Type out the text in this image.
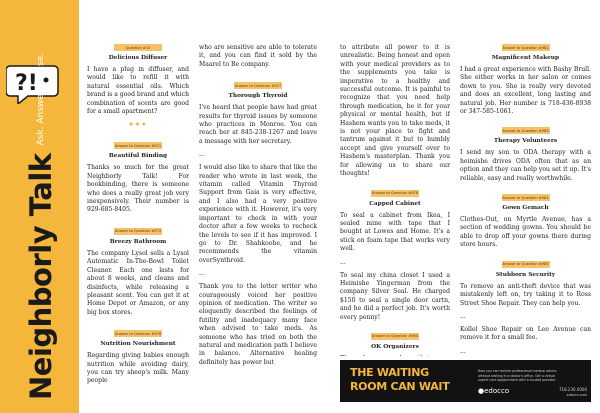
?!
Neighborly Talk
Ask. Answer. Advise.
Question #10
Delicious Diffuser

I have a plug in diffuser, and would like to refill it with natural essential oils. Which brand is a good brand and which combination of scents are good for a small apartment?

★★★
Answer to Question #971
Beautiful Binding

Thanks so much for the great Neighborly Talk! For bookbinding, there is someone who does a really great job very inexpensively. Their number is 929-685-8405.

Answer to Question #972
Breezy Bathroom

The company Lysol sells a Lysol Automatic In-The-Bowl Toilet Cleaner. Each one lasts for about 8 weeks, and cleans and disinfects, while releasing a pleasant scent. You can get it at Home Depot or Amazon, or any big box stores.

Answer to Question #976
Nutrition Nourishment

Regarding giving babies enough nutrition while avoiding dairy, you can try sheep's milk. Many people

who are sensitive are able to tolerate it, and you can find it sold by the Maarel to Be company.

Answer to Question #977
Thorough Thyroid

I've heard that people have had great results for thyroid issues by someone who practices in Monroe. You can reach her at 845-238-1267 and leave a message with her secretary.

...

I would also like to share that like the reader who wrote in last week, the vitamin called Vitamin Thyroid Support from Gaia is very effective, and I also had a very positive experience with it. However, it's very important to check in with your doctor after a few weeks to recheck the levels to see if it has improved. I go to Dr. Shahkoohe, and he recommends the vitamin overSynthroid.

...

Thank you to the letter writer who courageously voiced her positive opinion of medication. The writer so eloquently described the feelings of futility and inadequacy many face when advised to take meds. As someone who has tried on both the natural and medication path I believe in balance. Alternative healing definitely has power but

to attribute all power to it is unrealistic. Being honest and open with your medical providers as to the supplements you take is imperative to a healthy and successful outcome. It is painful to recognize that you need help through medication, be it for your physical or mental health, but if Hashem wants you to take meds, it is not your place to fight and tantrum against it but to humbly accept and give yourself over to Hashem's masterplan. Thank you for allowing us to share our thoughts!

Answer to Question #978
Capped Cabinet

To seal a cabinet from Ikea, I sealed mine with tape that I bought at Lowes and Home. It's a stick on foam tape that works very well.

...

To seal my china closet I used a Heimishe Yingerman from the company Silver Seal. He charged $150 to seal a single door cartn, and he did a perfect job. It's worth every penny!

Answer to Question #980
OK Organizers

Answer to Question #982
Magnificent Makeup

I had a great experience with Bashy Brull. She either works in her salon or comes down to you. She is really very devoted and does an excellent, long lasting and natural job. Her number is 718-436-8938 or 347-585-1061.

Answer to Question #983
Therapy Volunteers

I send my son to ODA therapy with a heimishe drives ODA often that as an option and they can help you set it up. It's reliable, easy and really worthwhile.

Answer to Question #984
Gown Gemach

Clothes-Out, on Myrtle Avenue, has a section of wedding gowns. You should be able to drop off your gowns there during store hours.

Answer to Question #985
Stubborn Security

To remove an anti-theft device that was mistakenly left on, try taking it to Ross Street Shoe Repair. They can help you.

...

Kollel Shoe Repair on Lee Avenue can remove it for a small fee.

...
THE WAITING
ROOM CAN WAIT
Now you can receive professional medical advice without waiting in a doctor's office. Get a virtual urgent care appointment with a trusted provider.
●edocco	718.230.0000
edocco.com
